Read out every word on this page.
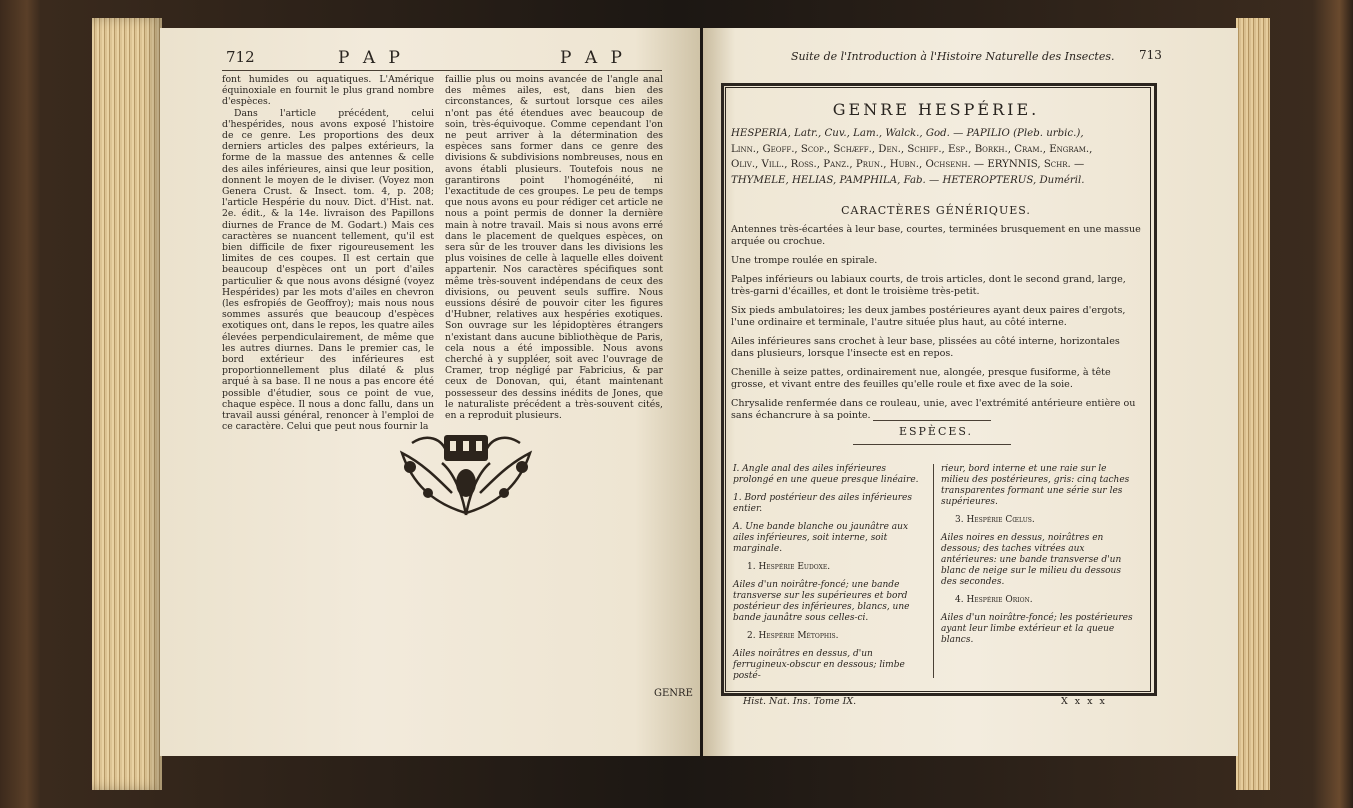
712	P A P	P A P

font humides ou aquatiques. L'Amérique équinoxiale en fournit le plus grand nombre d'espèces.

Dans l'article précédent, celui d'hespérides, nous avons exposé l'histoire de ce genre. Les proportions des deux derniers articles des palpes extérieurs, la forme de la massue des antennes & celle des ailes inférieures, ainsi que leur position, donnent le moyen de le diviser. (Voyez mon Genera Crust. & Insect. tom. 4, p. 208; l'article Hespérie du nouv. Dict. d'Hist. nat. 2e. édit., & la 14e. livraison des Papillons diurnes de France de M. Godart.) Mais ces caractères se nuancent tellement, qu'il est bien difficile de fixer rigoureusement les limites de ces coupes. Il est certain que beaucoup d'espèces ont un port d'ailes particulier & que nous avons désigné (voyez Hespérides) par les mots d'ailes en chevron (les esfropiés de Geoffroy); mais nous nous sommes assurés que beaucoup d'espèces exotiques ont, dans le repos, les quatre ailes élevées perpendiculairement, de même que les autres diurnes. Dans le premier cas, le bord extérieur des inférieures est proportionnellement plus dilaté & plus arqué à sa base. Il ne nous a pas encore été possible d'étudier, sous ce point de vue, chaque espèce. Il nous a donc fallu, dans un travail aussi général, renoncer à l'emploi de ce caractère. Celui que peut nous fournir la

faillie plus ou moins avancée de l'angle anal des mêmes ailes, est, dans bien des circonstances, & surtout lorsque ces ailes n'ont pas été étendues avec beaucoup de soin, très-équivoque. Comme cependant l'on ne peut arriver à la détermination des espèces sans former dans ce genre des divisions & subdivisions nombreuses, nous en avons établi plusieurs. Toutefois nous ne garantirons point l'homogénéité, ni l'exactitude de ces groupes. Le peu de temps que nous avons eu pour rédiger cet article ne nous a point permis de donner la dernière main à notre travail. Mais si nous avons erré dans le placement de quelques espèces, on sera sûr de les trouver dans les divisions les plus voisines de celle à laquelle elles doivent appartenir. Nos caractères spécifiques sont même très-souvent indépendans de ceux des divisions, ou peuvent seuls suffire. Nous eussions désiré de pouvoir citer les figures d'Hubner, relatives aux hespéries exotiques. Son ouvrage sur les lépidoptères étrangers n'existant dans aucune bibliothèque de Paris, cela nous a été impossible. Nous avons cherché à y suppléer, soit avec l'ouvrage de Cramer, trop négligé par Fabricius, & par ceux de Donovan, qui, étant maintenant possesseur des dessins inédits de Jones, que le naturaliste précédent a très-souvent cités, en a reproduit plusieurs.

GENRE
Suite de l'Introduction à l'Histoire Naturelle des Insectes. 713
GENRE HESPÉRIE.
HESPERIA, Latr., Cuv., Lam., Walck., God. — PAPILIO (Pleb. urbic.),
Linn., Geoff., Scop., Schæff., Den., Schiff., Esp., Borkh., Cram., Engram.,
Oliv., Vill., Ross., Panz., Prun., Hubn., Ochsenh. — ERYNNIS, Schr. —
THYMELE, HELIAS, PAMPHILA, Fab. — HETEROPTERUS, Duméril.
CARACTÈRES GÉNÉRIQUES.

Antennes très-écartées à leur base, courtes, terminées brusquement en une massue arquée ou crochue.

Une trompe roulée en spirale.

Palpes inférieurs ou labiaux courts, de trois articles, dont le second grand, large, très-garni d'écailles, et dont le troisième très-petit.

Six pieds ambulatoires; les deux jambes postérieures ayant deux paires d'ergots, l'une ordinaire et terminale, l'autre située plus haut, au côté interne.

Ailes inférieures sans crochet à leur base, plissées au côté interne, horizontales dans plusieurs, lorsque l'insecte est en repos.

Chenille à seize pattes, ordinairement nue, alongée, presque fusiforme, à tête grosse, et vivant entre des feuilles qu'elle roule et fixe avec de la soie.

Chrysalide renfermée dans ce rouleau, unie, avec l'extrémité antérieure entière ou sans échancrure à sa pointe.

ESPÈCES.

I. Angle anal des ailes inférieures prolongé en une queue presque linéaire.

1. Bord postérieur des ailes inférieures entier.

A. Une bande blanche ou jaunâtre aux ailes inférieures, soit interne, soit marginale.

1. Hespérie Eudoxe.

Ailes d'un noirâtre-foncé; une bande transverse sur les supérieures et bord postérieur des inférieures, blancs, une bande jaunâtre sous celles-ci.

2. Hespérie Métophis.

Ailes noirâtres en dessus, d'un ferrugineux-obscur en dessous; limbe posté-

rieur, bord interne et une raie sur le milieu des postérieures, gris: cinq taches transparentes formant une série sur les supérieures.

3. Hespérie Cœlus.

Ailes noires en dessus, noirâtres en dessous; des taches vitrées aux antérieures: une bande transverse d'un blanc de neige sur le milieu du dessous des secondes.

4. Hespérie Orion.

Ailes d'un noirâtre-foncé; les postérieures ayant leur limbe extérieur et la queue blancs.

Hist. Nat. Ins. Tome IX.	X x x x
